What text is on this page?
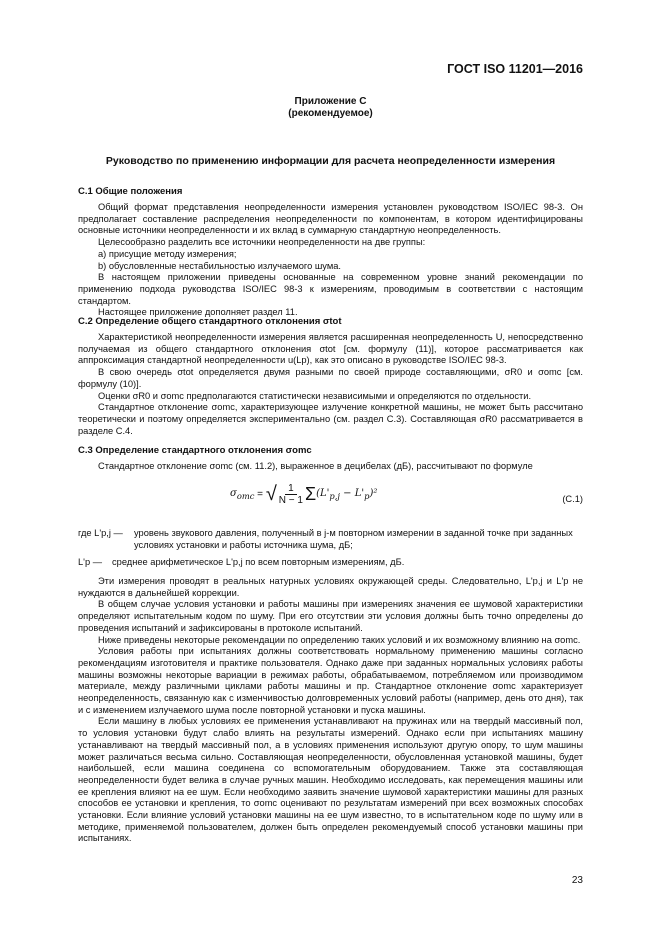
ГОСТ ISO 11201—2016
Приложение С
(рекомендуемое)
Руководство по применению информации для расчета неопределенности измерения
С.1 Общие положения

Общий формат представления неопределенности измерения установлен руководством ISO/IEC 98-3. Он предполагает составление распределения неопределенности по компонентам, в котором идентифицированы основные источники неопределенности и их вклад в суммарную стандартную неопределенность.

Целесообразно разделить все источники неопределенности на две группы:

a) присущие методу измерения;

b) обусловленные нестабильностью излучаемого шума.

В настоящем приложении приведены основанные на современном уровне знаний рекомендации по применению подхода руководства ISO/IEC 98-3 к измерениям, проводимым в соответствии с настоящим стандартом.

Настоящее приложение дополняет раздел 11.

С.2 Определение общего стандартного отклонения σtot

Характеристикой неопределенности измерения является расширенная неопределенность U, непосредственно получаемая из общего стандартного отклонения σtot [см. формулу (11)], которое рассматривается как аппроксимация стандартной неопределенности u(Lp), как это описано в руководстве ISO/IEC 98-3.

В свою очередь σtot определяется двумя разными по своей природе составляющими, σR0 и σomc [см. формулу (10)].

Оценки σR0 и σomc предполагаются статистически независимыми и определяются по отдельности.

Стандартное отклонение σomc, характеризующее излучение конкретной машины, не может быть рассчитано теоретически и поэтому определяется экспериментально (см. раздел С.3). Составляющая σR0 рассматривается в разделе С.4.

С.3 Определение стандартного отклонения σomc

Стандартное отклонение σomc (см. 11.2), выраженное в децибелах (дБ), рассчитывают по формуле

$\sigma_{omc}$ = √ $\frac{1}{N - 1}$ Σ $(L'_{p,j} - L'_p)^2$	(С.1)
где L'p,j —	уровень звукового давления, полученный в j-м повторном измерении в заданной точке при заданных условиях установки и работы источника шума, дБ;
L'p —	среднее арифметическое L'p,j по всем повторным измерениям, дБ.

Эти измерения проводят в реальных натурных условиях окружающей среды. Следовательно, L'p,j и L'p не нуждаются в дальнейшей коррекции.

В общем случае условия установки и работы машины при измерениях значения ее шумовой характеристики определяют испытательным кодом по шуму. При его отсутствии эти условия должны быть точно определены до проведения испытаний и зафиксированы в протоколе испытаний.

Ниже приведены некоторые рекомендации по определению таких условий и их возможному влиянию на σomc.

Условия работы при испытаниях должны соответствовать нормальному применению машины согласно рекомендациям изготовителя и практике пользователя. Однако даже при заданных нормальных условиях работы машины возможны некоторые вариации в режимах работы, обрабатываемом, потребляемом или производимом материале, между различными циклами работы машины и пр. Стандартное отклонение σomc характеризует неопределенность, связанную как с изменчивостью долговременных условий работы (например, день ото дня), так и с изменением излучаемого шума после повторной установки и пуска машины.

Если машину в любых условиях ее применения устанавливают на пружинах или на твердый массивный пол, то условия установки будут слабо влиять на результаты измерений. Однако если при испытаниях машину устанавливают на твердый массивный пол, а в условиях применения используют другую опору, то шум машины может различаться весьма сильно. Составляющая неопределенности, обусловленная установкой машины, будет наибольшей, если машина соединена со вспомогательным оборудованием. Также эта составляющая неопределенности будет велика в случае ручных машин. Необходимо исследовать, как перемещения машины или ее крепления влияют на ее шум. Если необходимо заявить значение шумовой характеристики машины для разных способов ее установки и крепления, то σomc оценивают по результатам измерений при всех возможных способах установки. Если влияние условий установки машины на ее шум известно, то в испытательном коде по шуму или в методике, применяемой пользователем, должен быть определен рекомендуемый способ установки машины при испытаниях.

23
